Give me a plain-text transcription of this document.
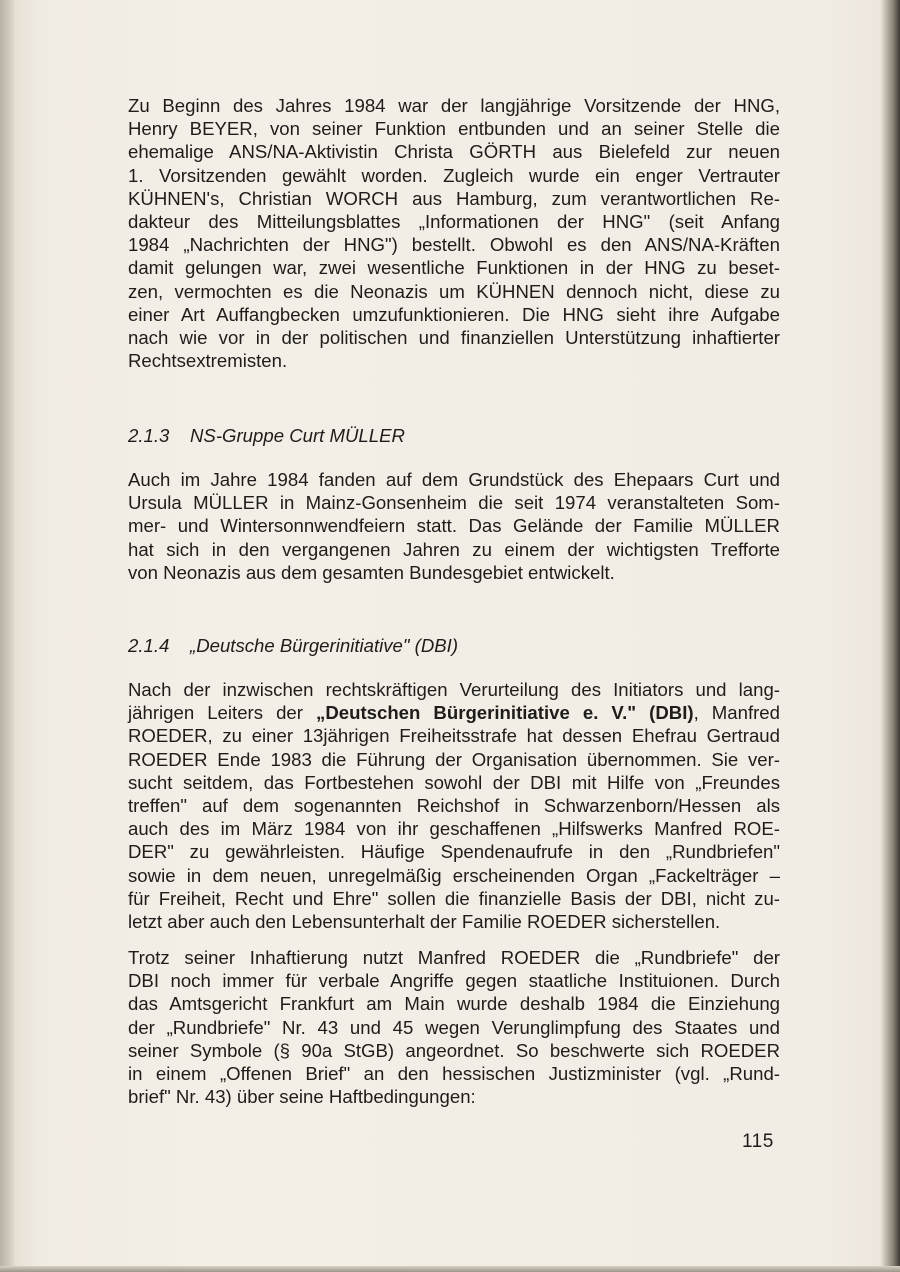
Zu Beginn des Jahres 1984 war der langjährige Vorsitzende der HNG,
Henry BEYER, von seiner Funktion entbunden und an seiner Stelle die
ehemalige ANS/NA-Aktivistin Christa GÖRTH aus Bielefeld zur neuen
1. Vorsitzenden gewählt worden. Zugleich wurde ein enger Vertrauter
KÜHNEN's, Christian WORCH aus Hamburg, zum verantwortlichen Re-
dakteur des Mitteilungsblattes „Informationen der HNG" (seit Anfang
1984 „Nachrichten der HNG") bestellt. Obwohl es den ANS/NA-Kräften
damit gelungen war, zwei wesentliche Funktionen in der HNG zu beset-
zen, vermochten es die Neonazis um KÜHNEN dennoch nicht, diese zu
einer Art Auffangbecken umzufunktionieren. Die HNG sieht ihre Aufgabe
nach wie vor in der politischen und finanziellen Unterstützung inhaftierter
Rechtsextremisten.

2.1.3 NS-Gruppe Curt MÜLLER

Auch im Jahre 1984 fanden auf dem Grundstück des Ehepaars Curt und
Ursula MÜLLER in Mainz-Gonsenheim die seit 1974 veranstalteten Som-
mer- und Wintersonnwendfeiern statt. Das Gelände der Familie MÜLLER
hat sich in den vergangenen Jahren zu einem der wichtigsten Trefforte
von Neonazis aus dem gesamten Bundesgebiet entwickelt.

2.1.4 „Deutsche Bürgerinitiative" (DBI)

Nach der inzwischen rechtskräftigen Verurteilung des Initiators und lang-
jährigen Leiters der „Deutschen Bürgerinitiative e. V." (DBI), Manfred
ROEDER, zu einer 13jährigen Freiheitsstrafe hat dessen Ehefrau Gertraud
ROEDER Ende 1983 die Führung der Organisation übernommen. Sie ver-
sucht seitdem, das Fortbestehen sowohl der DBI mit Hilfe von „Freundes
treffen" auf dem sogenannten Reichshof in Schwarzenborn/Hessen als
auch des im März 1984 von ihr geschaffenen „Hilfswerks Manfred ROE-
DER" zu gewährleisten. Häufige Spendenaufrufe in den „Rundbriefen"
sowie in dem neuen, unregelmäßig erscheinenden Organ „Fackelträger –
für Freiheit, Recht und Ehre" sollen die finanzielle Basis der DBI, nicht zu-
letzt aber auch den Lebensunterhalt der Familie ROEDER sicherstellen.

Trotz seiner Inhaftierung nutzt Manfred ROEDER die „Rundbriefe" der
DBI noch immer für verbale Angriffe gegen staatliche Instituionen. Durch
das Amtsgericht Frankfurt am Main wurde deshalb 1984 die Einziehung
der „Rundbriefe" Nr. 43 und 45 wegen Verunglimpfung des Staates und
seiner Symbole (§ 90a StGB) angeordnet. So beschwerte sich ROEDER
in einem „Offenen Brief" an den hessischen Justizminister (vgl. „Rund-
brief" Nr. 43) über seine Haftbedingungen:

115
